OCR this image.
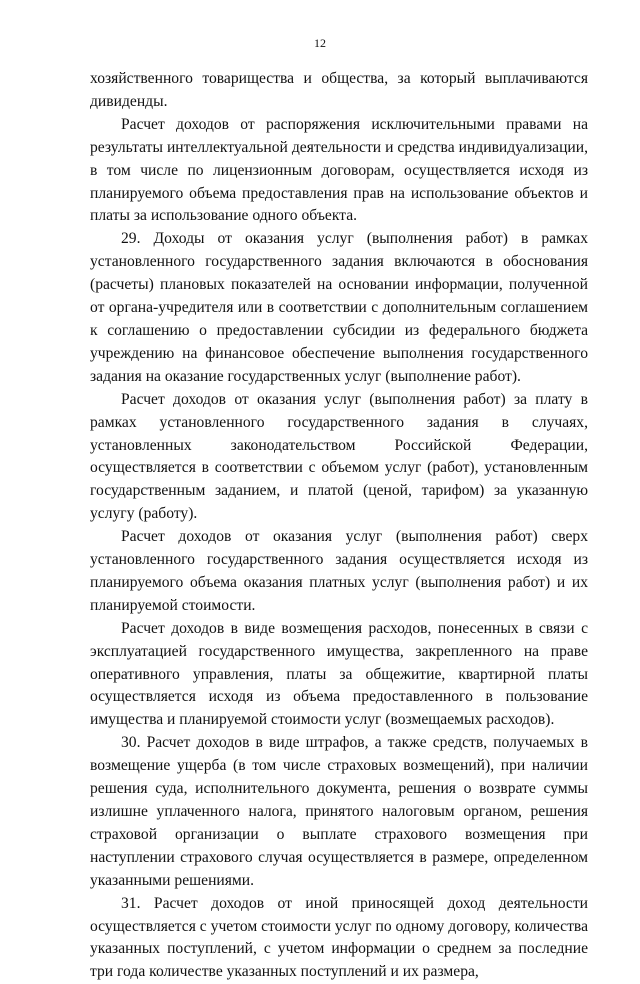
12

хозяйственного товарищества и общества, за который выплачиваются дивиденды.

Расчет доходов от распоряжения исключительными правами на результаты интеллектуальной деятельности и средства индивидуализации, в том числе по лицензионным договорам, осуществляется исходя из планируемого объема предоставления прав на использование объектов и платы за использование одного объекта.

29. Доходы от оказания услуг (выполнения работ) в рамках установленного государственного задания включаются в обоснования (расчеты) плановых показателей на основании информации, полученной от органа-учредителя или в соответствии с дополнительным соглашением к соглашению о предоставлении субсидии из федерального бюджета учреждению на финансовое обеспечение выполнения государственного задания на оказание государственных услуг (выполнение работ).

Расчет доходов от оказания услуг (выполнения работ) за плату в рамках установленного государственного задания в случаях, установленных законодательством Российской Федерации, осуществляется в соответствии с объемом услуг (работ), установленным государственным заданием, и платой (ценой, тарифом) за указанную услугу (работу).

Расчет доходов от оказания услуг (выполнения работ) сверх установленного государственного задания осуществляется исходя из планируемого объема оказания платных услуг (выполнения работ) и их планируемой стоимости.

Расчет доходов в виде возмещения расходов, понесенных в связи с эксплуатацией государственного имущества, закрепленного на праве оперативного управления, платы за общежитие, квартирной платы осуществляется исходя из объема предоставленного в пользование имущества и планируемой стоимости услуг (возмещаемых расходов).

30. Расчет доходов в виде штрафов, а также средств, получаемых в возмещение ущерба (в том числе страховых возмещений), при наличии решения суда, исполнительного документа, решения о возврате суммы излишне уплаченного налога, принятого налоговым органом, решения страховой организации о выплате страхового возмещения при наступлении страхового случая осуществляется в размере, определенном указанными решениями.

31. Расчет доходов от иной приносящей доход деятельности осуществляется с учетом стоимости услуг по одному договору, количества указанных поступлений, с учетом информации о среднем за последние три года количестве указанных поступлений и их размера,
